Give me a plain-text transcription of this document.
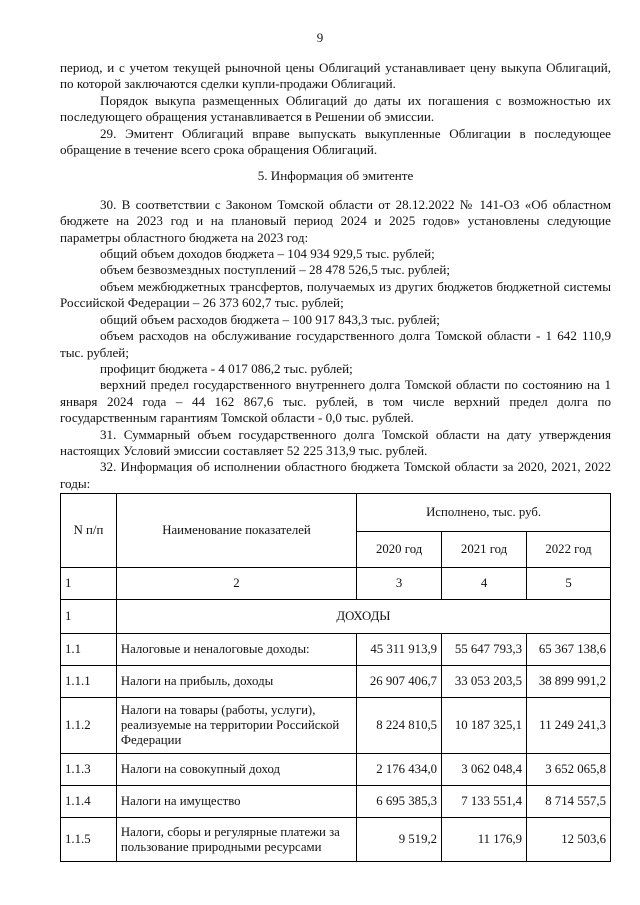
9

период, и с учетом текущей рыночной цены Облигаций устанавливает цену выкупа Облигаций, по которой заключаются сделки купли-продажи Облигаций.

Порядок выкупа размещенных Облигаций до даты их погашения с возможностью их последующего обращения устанавливается в Решении об эмиссии.

29. Эмитент Облигаций вправе выпускать выкупленные Облигации в последующее обращение в течение всего срока обращения Облигаций.

5. Информация об эмитенте

30. В соответствии с Законом Томской области от 28.12.2022 № 141-ОЗ «Об областном бюджете на 2023 год и на плановый период 2024 и 2025 годов» установлены следующие параметры областного бюджета на 2023 год:

общий объем доходов бюджета – 104 934 929,5 тыс. рублей;

объем безвозмездных поступлений – 28 478 526,5 тыс. рублей;

объем межбюджетных трансфертов, получаемых из других бюджетов бюджетной системы Российской Федерации – 26 373 602,7 тыс. рублей;

общий объем расходов бюджета – 100 917 843,3 тыс. рублей;

объем расходов на обслуживание государственного долга Томской области - 1 642 110,9 тыс. рублей;

профицит бюджета - 4 017 086,2 тыс. рублей;

верхний предел государственного внутреннего долга Томской области по состоянию на 1 января 2024 года – 44 162 867,6 тыс. рублей, в том числе верхний предел долга по государственным гарантиям Томской области - 0,0 тыс. рублей.

31. Суммарный объем государственного долга Томской области на дату утверждения настоящих Условий эмиссии составляет 52 225 313,9 тыс. рублей.

32. Информация об исполнении областного бюджета Томской области за 2020, 2021, 2022 годы:

N п/п	Наименование показателей	Исполнено, тыс. руб.		
		2020 год	2021 год	2022 год
1	2	3	4	5
1	ДОХОДЫ			
1.1	Налоговые и неналоговые доходы:	45 311 913,9	55 647 793,3	65 367 138,6
1.1.1	Налоги на прибыль, доходы	26 907 406,7	33 053 203,5	38 899 991,2
1.1.2	Налоги на товары (работы, услуги), реализуемые на территории Российской Федерации	8 224 810,5	10 187 325,1	11 249 241,3
1.1.3	Налоги на совокупный доход	2 176 434,0	3 062 048,4	3 652 065,8
1.1.4	Налоги на имущество	6 695 385,3	7 133 551,4	8 714 557,5
1.1.5	Налоги, сборы и регулярные платежи за пользование природными ресурсами	9 519,2	11 176,9	12 503,6
